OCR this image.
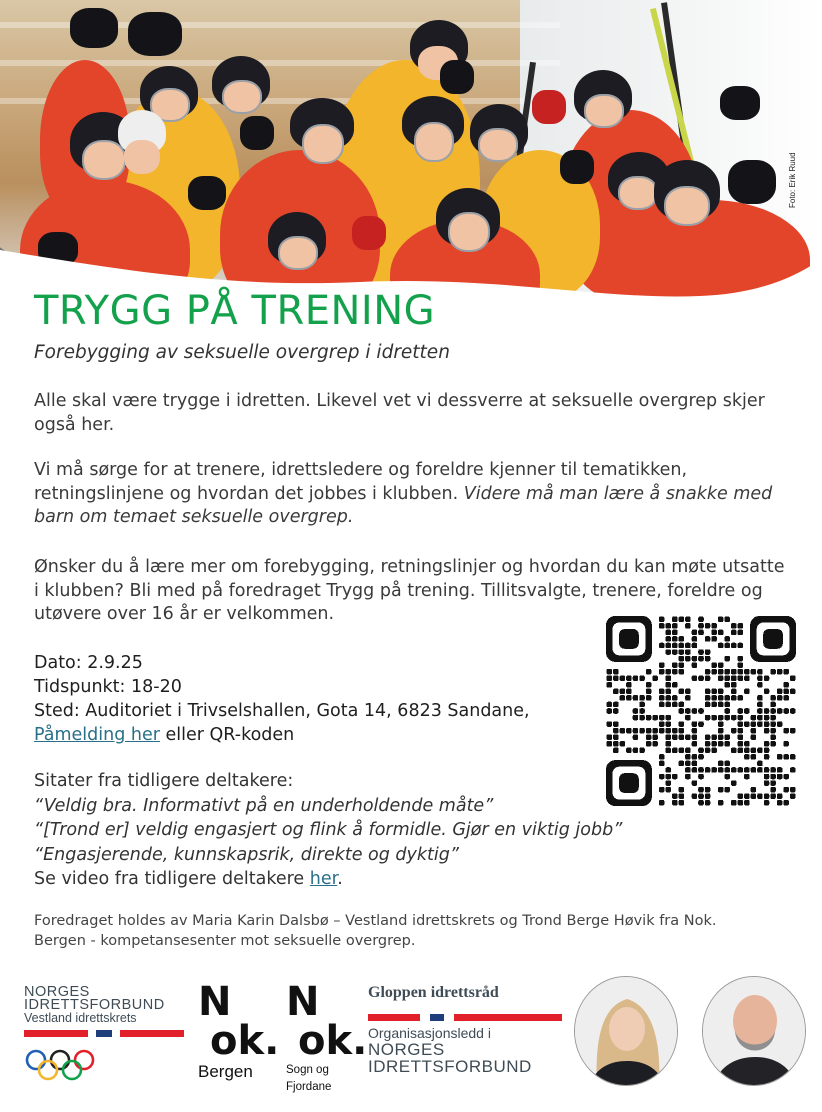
Foto: Erik Ruud
TRYGG PÅ TRENING
Forebygging av seksuelle overgrep i idretten

Alle skal være trygge i idretten. Likevel vet vi dessverre at seksuelle overgrep skjer også her.

Vi må sørge for at trenere, idrettsledere og foreldre kjenner til tematikken, retningslinjene og hvordan det jobbes i klubben. Videre må man lære å snakke med barn om temaet seksuelle overgrep.

Ønsker du å lære mer om forebygging, retningslinjer og hvordan du kan møte utsatte i klubben? Bli med på foredraget Trygg på trening. Tillitsvalgte, trenere, foreldre og utøvere over 16 år er velkommen.

Dato: 2.9.25
Tidspunkt: 18-20
Sted: Auditoriet i Trivselshallen, Gota 14, 6823 Sandane,
Påmelding her eller QR-koden
Sitater fra tidligere deltakere:
“Veldig bra. Informativt på en underholdende måte”
“[Trond er] veldig engasjert og flink å formidle. Gjør en viktig jobb”
“Engasjerende, kunnskapsrik, direkte og dyktig”
Se video fra tidligere deltakere her.

Foredraget holdes av Maria Karin Dalsbø – Vestland idrettskrets og Trond Berge Høvik fra Nok. Bergen - kompetansesenter mot seksuelle overgrep.

NORGES
IDRETTSFORBUND
Vestland idrettskrets	N
ok.
Bergen
N
ok.
Sogn og
Fjordane
Gloppen idrettsråd
Organisasjonsledd i
NORGES
IDRETTSFORBUND
